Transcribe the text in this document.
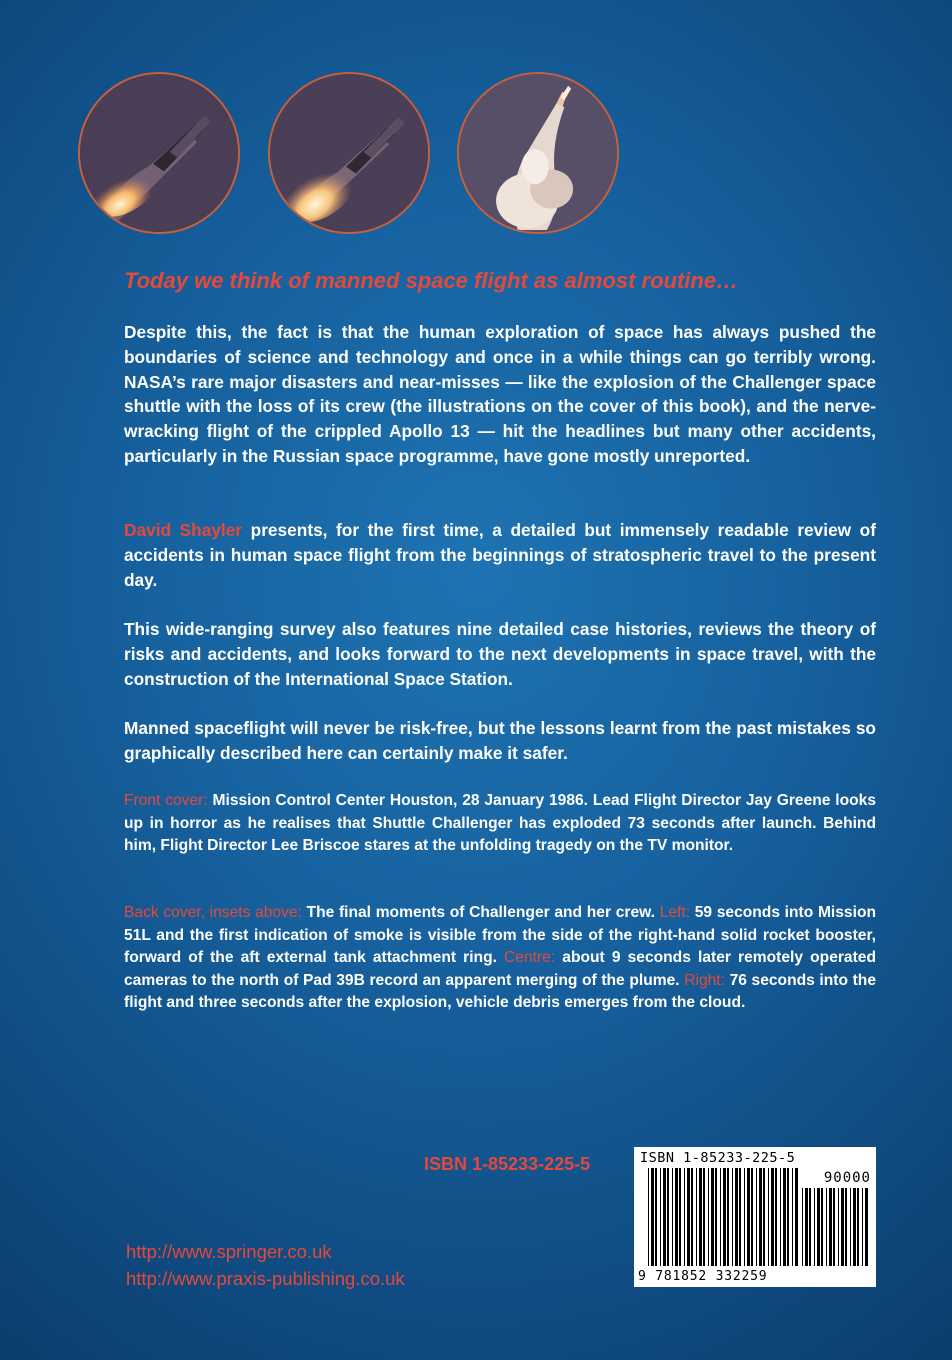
Today we think of manned space flight as almost routine…

Despite this, the fact is that the human exploration of space has always pushed the boundaries of science and technology and once in a while things can go terribly wrong. NASA’s rare major disasters and near-misses — like the explosion of the Challenger space shuttle with the loss of its crew (the illustrations on the cover of this book), and the nerve-wracking flight of the crippled Apollo 13 — hit the headlines but many other accidents, particularly in the Russian space programme, have gone mostly unreported.

David Shayler presents, for the first time, a detailed but immensely readable review of accidents in human space flight from the beginnings of stratospheric travel to the present day.

This wide-ranging survey also features nine detailed case histories, reviews the theory of risks and accidents, and looks forward to the next developments in space travel, with the construction of the International Space Station.

Manned spaceflight will never be risk-free, but the lessons learnt from the past mistakes so graphically described here can certainly make it safer.

Front cover: Mission Control Center Houston, 28 January 1986. Lead Flight Director Jay Greene looks up in horror as he realises that Shuttle Challenger has exploded 73 seconds after launch. Behind him, Flight Director Lee Briscoe stares at the unfolding tragedy on the TV monitor.

Back cover, insets above: The final moments of Challenger and her crew. Left: 59 seconds into Mission 51L and the first indication of smoke is visible from the side of the right-hand solid rocket booster, forward of the aft external tank attachment ring. Centre: about 9 seconds later remotely operated cameras to the north of Pad 39B record an apparent merging of the plume. Right: 76 seconds into the flight and three seconds after the explosion, vehicle debris emerges from the cloud.

ISBN 1-85233-225-5	ISBN 1-85233-225-5
90000
9 781852 332259

http://www.springer.co.uk

http://www.praxis-publishing.co.uk
